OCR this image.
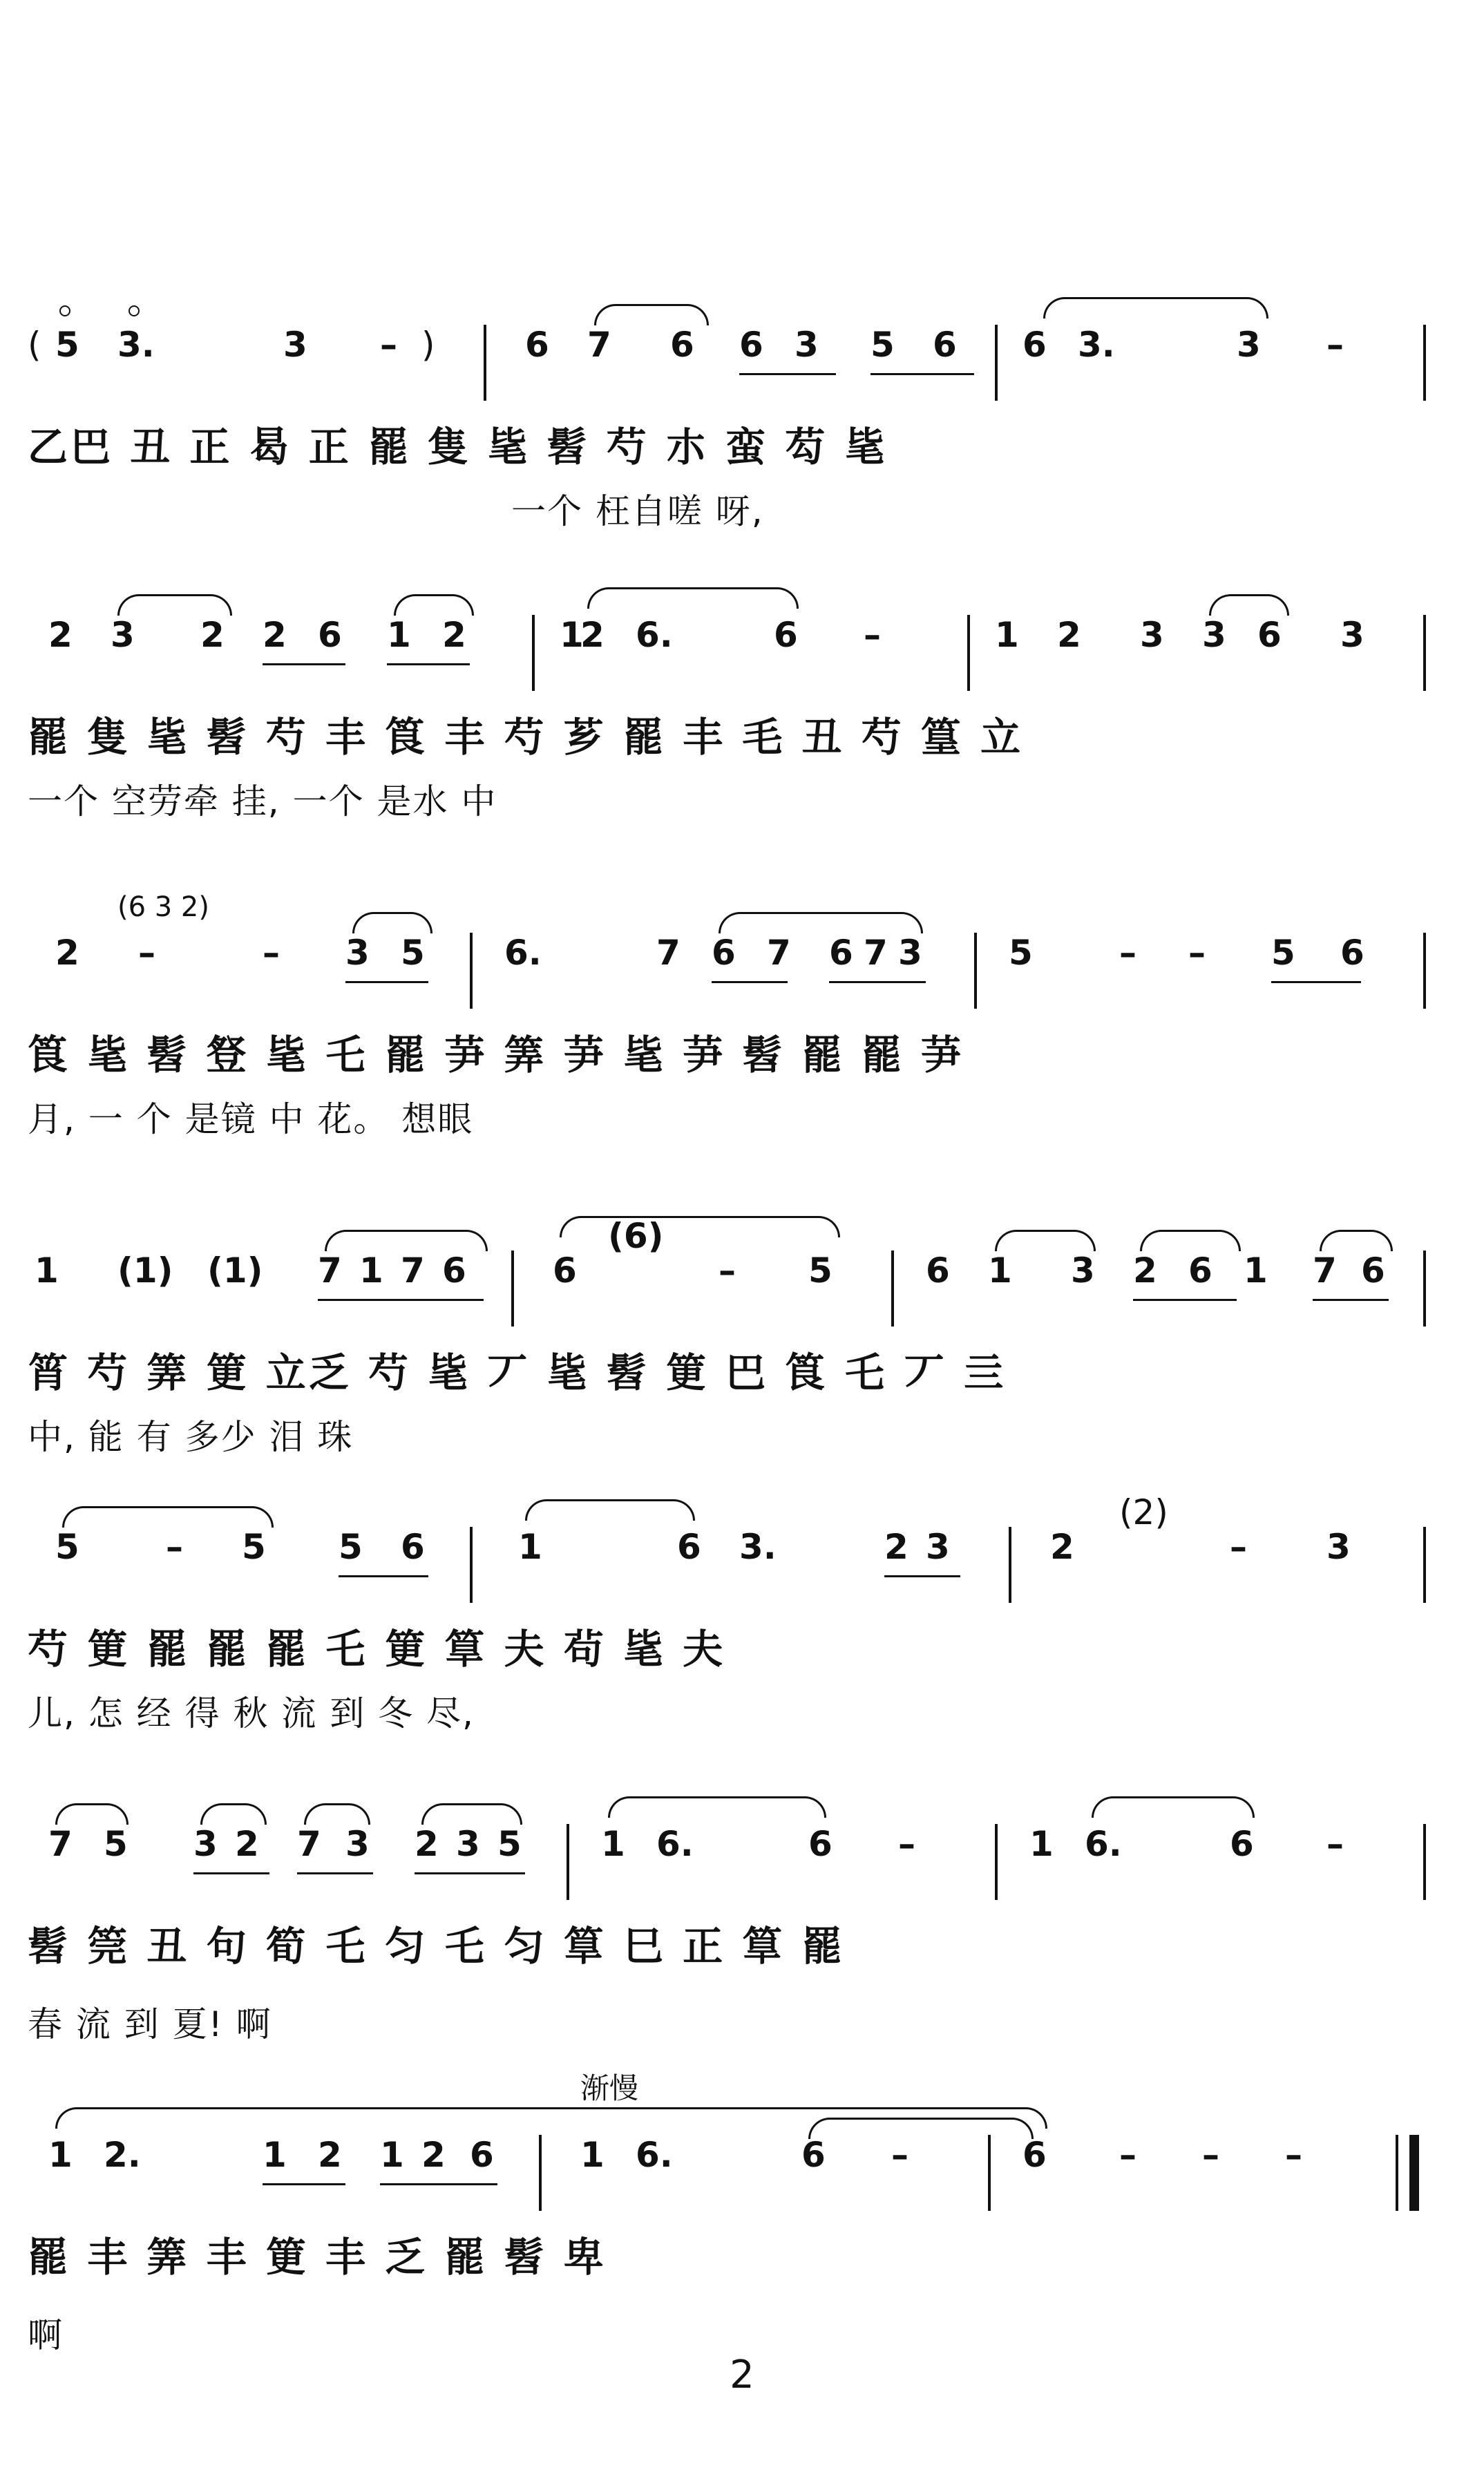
( 5 3.	3 – )	6 7 6 6 3 5 6 6 3.	3 –
乙巴 丑 正 曷 正 罷 隻 毞 髫 芍 朩 蛮 芶 毞
一个 枉自嗟 呀,
2 3 2 2 6 1 2	1
2 6.	6 –	1 2 3 3 6 3
罷 隻 毞 髫 芍 丰 筤 丰 芍 芗 罷 丰 毛 丑 芍 篁 立
一个 空劳牵 挂, 一个 是水 中
(6 3 2)
2 –	– 3 5 6.	7 6 7 6 7 3	5	– – 5 6
筤 毞 髫 豋 毞 乇 罷 芛 筭 芛 毞 芛 髫 罷 罷 芛
月, 一 个 是镜 中 花。 想眼
1 (1) (1) 7 1 7 6	6
(6)
– 5	6 1 3 2 6 1 7 6
筲 芍 筭 筻 立乏 芍 毞 丆 毞 髫 筻 巴 筤 乇 丆 亖
中, 能 有 多少 泪 珠
5	– 5 5 6	1	6 3.	2 3	2
(2)
– 3
芍 筻 罷 罷 罷 乇 筻 筸 夫 茍 毞 夫
儿, 怎 经 得 秋 流 到 冬 尽,
7 5 3 2 7 3 2 3 5 1 6.	6 –	1 6.	6 –
髫 筦 丑 句 筍 乇 匀 乇 匀 筸 巳 正 筸 罷
春 流 到 夏! 啊
渐慢
1 2.	1 2 1 2 6	1 6.	6 –	6 – – –
罷 丰 筭 丰 筻 丰 乏 罷 髫 卑
啊
2
